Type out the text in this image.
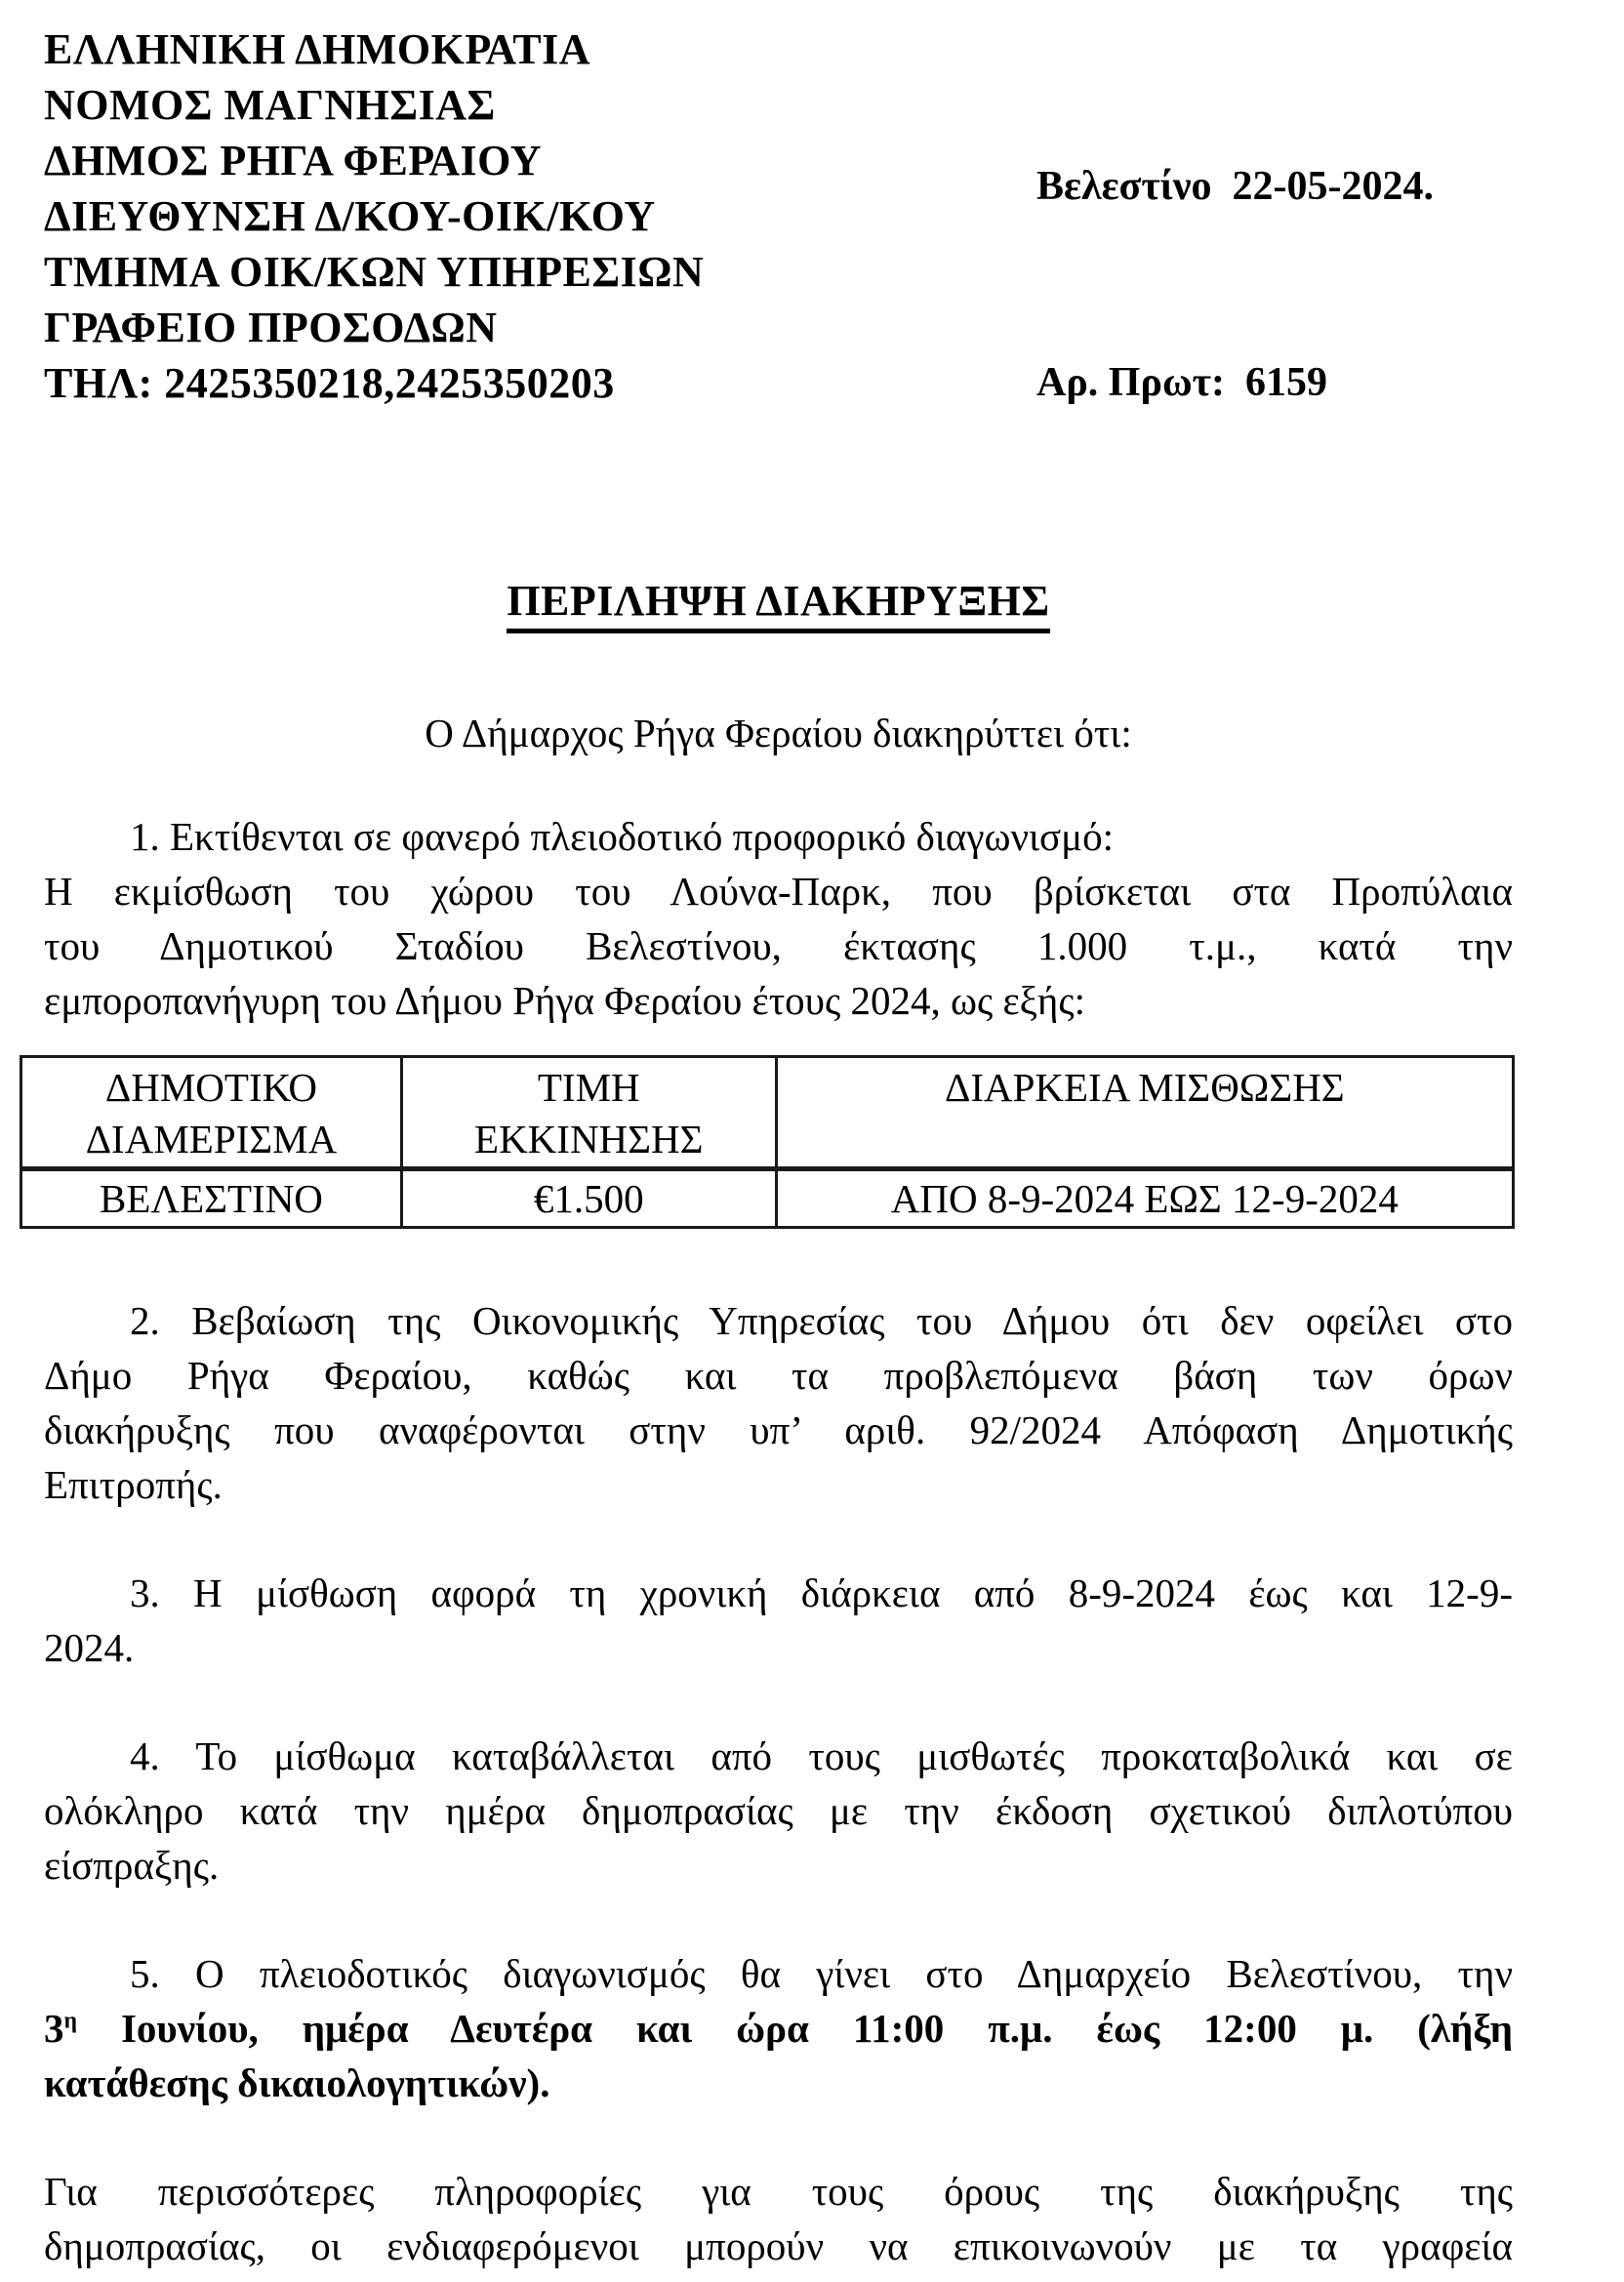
ΕΛΛΗΝΙΚΗ ΔΗΜΟΚΡΑΤΙΑ
ΝΟΜΟΣ ΜΑΓΝΗΣΙΑΣ
ΔΗΜΟΣ ΡΗΓΑ ΦΕΡΑΙΟΥ
ΔΙΕΥΘΥΝΣΗ Δ/ΚΟΥ-ΟΙΚ/ΚΟΥ
ΤΜΗΜΑ ΟΙΚ/ΚΩΝ ΥΠΗΡΕΣΙΩΝ
ΓΡΑΦΕΙΟ ΠΡΟΣΟΔΩΝ
ΤΗΛ: 2425350218,2425350203

Βελεστίνο  22-05-2024.

Αρ. Πρωτ:  6159

ΠΕΡΙΛΗΨΗ ΔΙΑΚΗΡΥΞΗΣ
Ο Δήμαρχος Ρήγα Φεραίου διακηρύττει ότι:
1. Εκτίθενται σε φανερό πλειοδοτικό προφορικό διαγωνισμό:
Η εκμίσθωση του χώρου του Λούνα-Παρκ, που βρίσκεται στα Προπύλαια
του Δημοτικού Σταδίου Βελεστίνου, έκτασης 1.000 τ.μ., κατά την
εμποροπανήγυρη του Δήμου Ρήγα Φεραίου έτους 2024, ως εξής:
ΔΗΜΟΤΙΚΟ
ΔΙΑΜΕΡΙΣΜΑ

ΤΙΜΗ
ΕΚΚΙΝΗΣΗΣ

ΔΙΑΡΚΕΙΑ ΜΙΣΘΩΣΗΣ

ΒΕΛΕΣΤΙΝΟ	€1.500	ΑΠΟ 8-9-2024 ΕΩΣ 12-9-2024
2. Βεβαίωση της Οικονομικής Υπηρεσίας του Δήμου ότι δεν οφείλει στο
Δήμο Ρήγα Φεραίου, καθώς και τα προβλεπόμενα βάση των όρων
διακήρυξης που αναφέρονται στην υπ’ αριθ. 92/2024 Απόφαση Δημοτικής
Επιτροπής.
3. Η μίσθωση αφορά τη χρονική διάρκεια από 8-9-2024 έως και 12-9-
2024.
4. Το μίσθωμα καταβάλλεται από τους μισθωτές προκαταβολικά και σε
ολόκληρο κατά την ημέρα δημοπρασίας με την έκδοση σχετικού διπλοτύπου
είσπραξης.
5. Ο πλειοδοτικός διαγωνισμός θα γίνει στο Δημαρχείο Βελεστίνου, την
$3^\eta$ Ιουνίου, ημέρα Δευτέρα και ώρα 11:00 π.μ. έως 12:00 μ. (λήξη
κατάθεσης δικαιολογητικών).
Για περισσότερες πληροφορίες για τους όρους της διακήρυξης της
δημοπρασίας, οι ενδιαφερόμενοι μπορούν να επικοινωνούν με τα γραφεία
